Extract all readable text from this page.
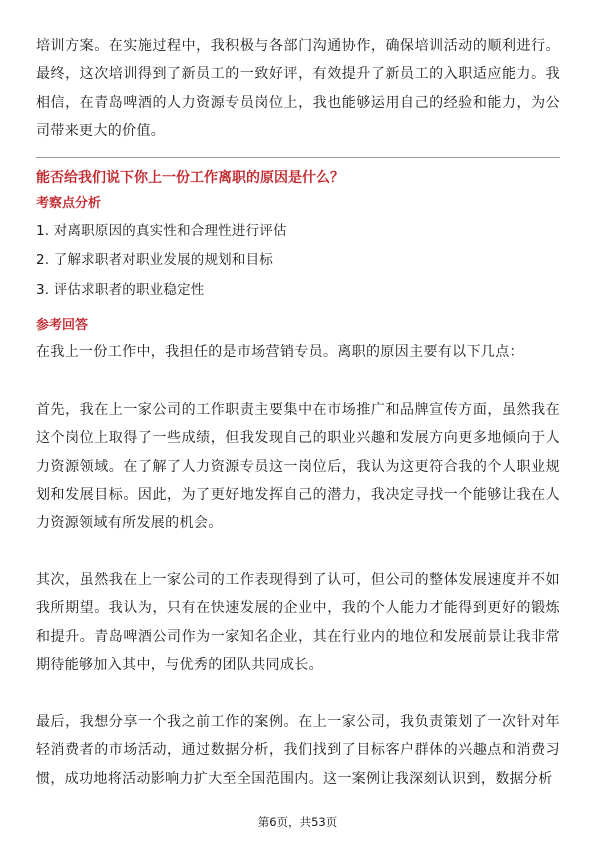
培训方案。在实施过程中，我积极与各部门沟通协作，确保培训活动的顺利进行。最终，这次培训得到了新员工的一致好评，有效提升了新员工的入职适应能力。我相信，在青岛啤酒的人力资源专员岗位上，我也能够运用自己的经验和能力，为公司带来更大的价值。

能否给我们说下你上一份工作离职的原因是什么？

考察点分析

1. 对离职原因的真实性和合理性进行评估

2. 了解求职者对职业发展的规划和目标

3. 评估求职者的职业稳定性

参考回答

在我上一份工作中，我担任的是市场营销专员。离职的原因主要有以下几点：

首先，我在上一家公司的工作职责主要集中在市场推广和品牌宣传方面，虽然我在这个岗位上取得了一些成绩，但我发现自己的职业兴趣和发展方向更多地倾向于人力资源领域。在了解了人力资源专员这一岗位后，我认为这更符合我的个人职业规划和发展目标。因此，为了更好地发挥自己的潜力，我决定寻找一个能够让我在人力资源领域有所发展的机会。

其次，虽然我在上一家公司的工作表现得到了认可，但公司的整体发展速度并不如我所期望。我认为，只有在快速发展的企业中，我的个人能力才能得到更好的锻炼和提升。青岛啤酒公司作为一家知名企业，其在行业内的地位和发展前景让我非常期待能够加入其中，与优秀的团队共同成长。

最后，我想分享一个我之前工作的案例。在上一家公司，我负责策划了一次针对年轻消费者的市场活动，通过数据分析，我们找到了目标客户群体的兴趣点和消费习惯，成功地将活动影响力扩大至全国范围内。这一案例让我深刻认识到，数据分析

第6页，共53页
